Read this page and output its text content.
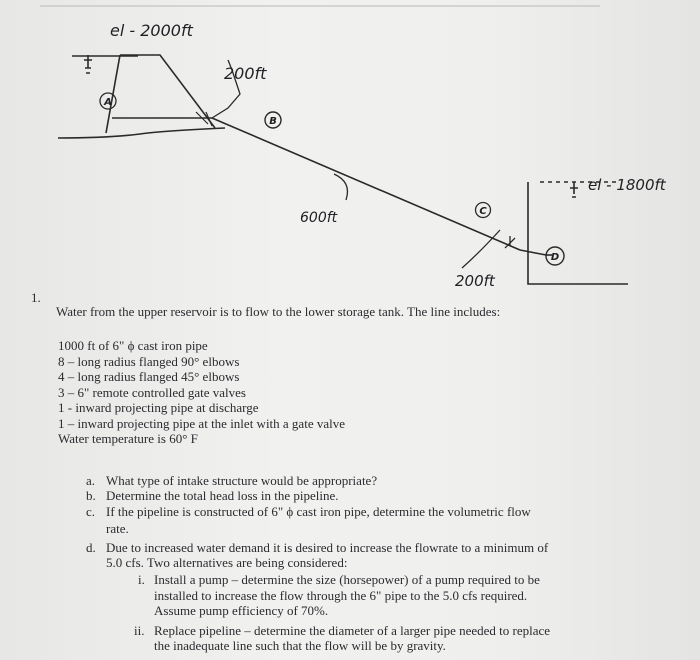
A
el - 2000ft
200ft
B
600ft
200ft
C
D
el - 1800ft
1.
Water from the upper reservoir is to flow to the lower storage tank. The line includes:
1000 ft of 6" ϕ cast iron pipe
8 – long radius flanged 90° elbows
4 – long radius flanged 45° elbows
3 – 6" remote controlled gate valves
1 - inward projecting pipe at discharge
1 – inward projecting pipe at the inlet with a gate valve
Water temperature is 60° F
a. What type of intake structure would be appropriate?
b. Determine the total head loss in the pipeline.
c. If the pipeline is constructed of 6" ϕ cast iron pipe, determine the volumetric flow
rate.
d. Due to increased water demand it is desired to increase the flowrate to a minimum of
5.0 cfs. Two alternatives are being considered:
i. Install a pump – determine the size (horsepower) of a pump required to be
installed to increase the flow through the 6" pipe to the 5.0 cfs required.
Assume pump efficiency of 70%.
ii. Replace pipeline – determine the diameter of a larger pipe needed to replace
the inadequate line such that the flow will be by gravity.
